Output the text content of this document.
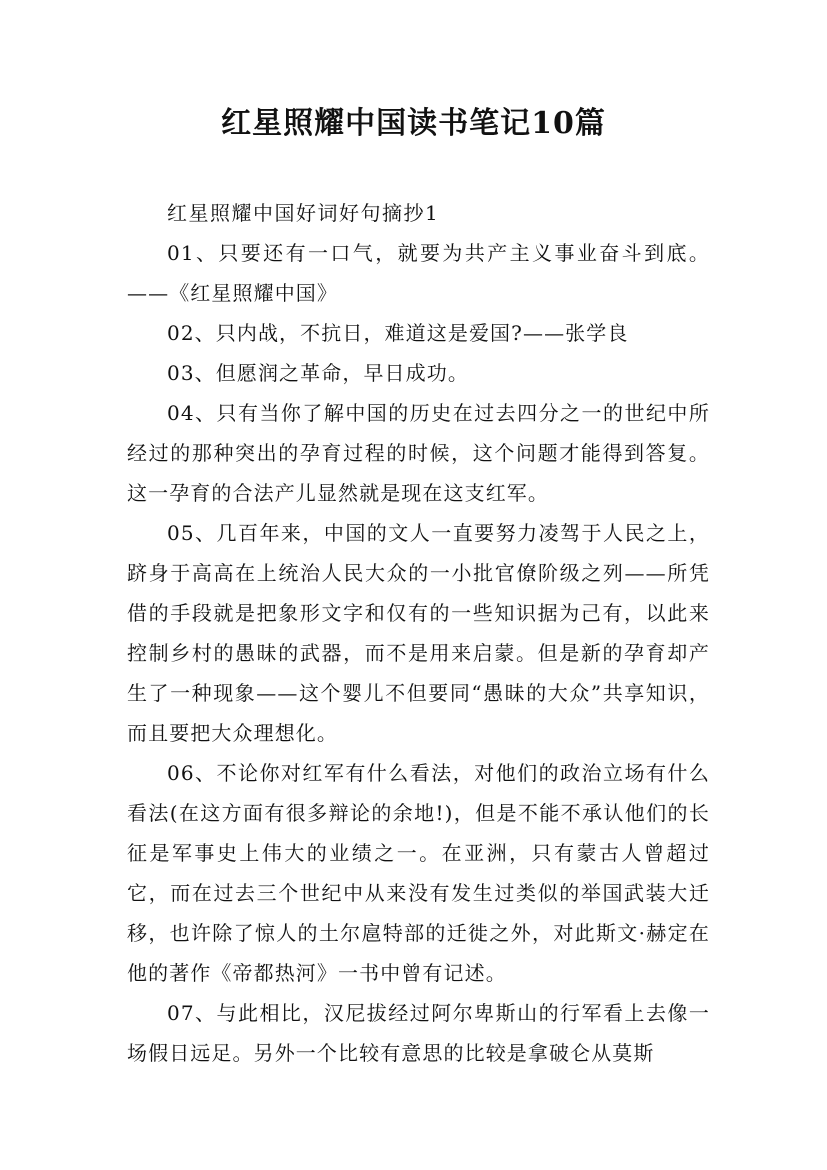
红星照耀中国读书笔记10篇

红星照耀中国好词好句摘抄1

01、只要还有一口气，就要为共产主义事业奋斗到底。——《红星照耀中国》

02、只内战，不抗日，难道这是爱国?——张学良

03、但愿润之革命，早日成功。

04、只有当你了解中国的历史在过去四分之一的世纪中所经过的那种突出的孕育过程的时候，这个问题才能得到答复。这一孕育的合法产儿显然就是现在这支红军。

05、几百年来，中国的文人一直要努力凌驾于人民之上，跻身于高高在上统治人民大众的一小批官僚阶级之列——所凭借的手段就是把象形文字和仅有的一些知识据为己有，以此来控制乡村的愚昧的武器，而不是用来启蒙。但是新的孕育却产生了一种现象——这个婴儿不但要同“愚昧的大众”共享知识，而且要把大众理想化。

06、不论你对红军有什么看法，对他们的政治立场有什么看法(在这方面有很多辩论的余地!)，但是不能不承认他们的长征是军事史上伟大的业绩之一。在亚洲，只有蒙古人曾超过它，而在过去三个世纪中从来没有发生过类似的举国武装大迁移，也许除了惊人的土尔扈特部的迁徙之外，对此斯文·赫定在他的著作《帝都热河》一书中曾有记述。

07、与此相比，汉尼拔经过阿尔卑斯山的行军看上去像一场假日远足。另外一个比较有意思的比较是拿破仑从莫斯
